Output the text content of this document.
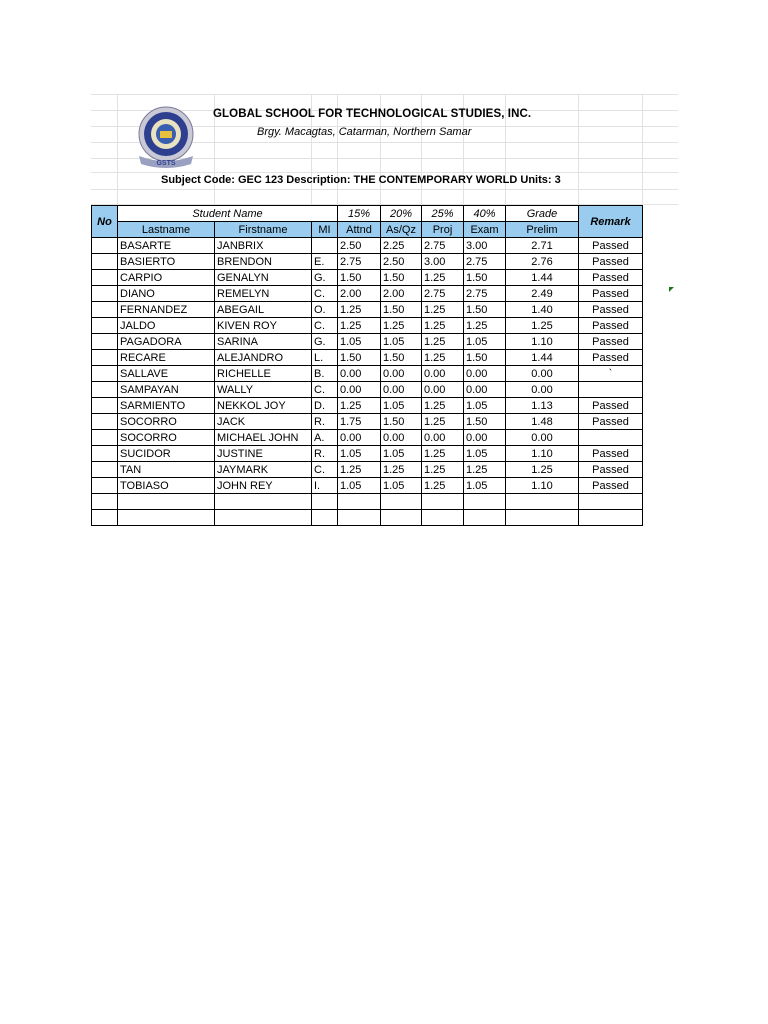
GSTS
GLOBAL SCHOOL FOR TECHNOLOGICAL STUDIES, INC.
Brgy. Macagtas, Catarman, Northern Samar
Subject Code: GEC 123 Description: THE CONTEMPORARY WORLD Units: 3
No	Student Name			15%	20%	25%	40%	Grade	Remark
	Lastname	Firstname	MI	Attnd	As/Qz	Proj	Exam	Prelim	
	BASARTE	JANBRIX		2.50	2.25	2.75	3.00	2.71	Passed
	BASIERTO	BRENDON	E.	2.75	2.50	3.00	2.75	2.76	Passed
	CARPIO	GENALYN	G.	1.50	1.50	1.25	1.50	1.44	Passed
	DIANO	REMELYN	C.	2.00	2.00	2.75	2.75	2.49	Passed
	FERNANDEZ	ABEGAIL	O.	1.25	1.50	1.25	1.50	1.40	Passed
	JALDO	KIVEN ROY	C.	1.25	1.25	1.25	1.25	1.25	Passed
	PAGADORA	SARINA	G.	1.05	1.05	1.25	1.05	1.10	Passed
	RECARE	ALEJANDRO	L.	1.50	1.50	1.25	1.50	1.44	Passed
	SALLAVE	RICHELLE	B.	0.00	0.00	0.00	0.00	0.00	`
	SAMPAYAN	WALLY	C.	0.00	0.00	0.00	0.00	0.00	
	SARMIENTO	NEKKOL JOY	D.	1.25	1.05	1.25	1.05	1.13	Passed
	SOCORRO	JACK	R.	1.75	1.50	1.25	1.50	1.48	Passed
	SOCORRO	MICHAEL JOHN	A.	0.00	0.00	0.00	0.00	0.00	
	SUCIDOR	JUSTINE	R.	1.05	1.05	1.25	1.05	1.10	Passed
	TAN	JAYMARK	C.	1.25	1.25	1.25	1.25	1.25	Passed
	TOBIASO	JOHN REY	I.	1.05	1.05	1.25	1.05	1.10	Passed
